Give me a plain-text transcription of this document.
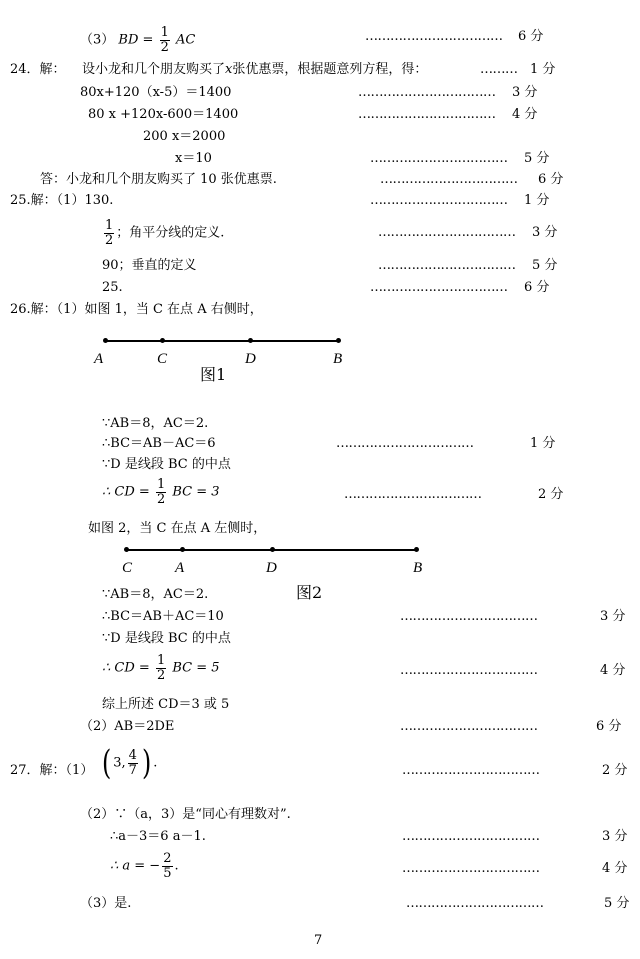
（3） BD = $\frac{1}{2}$ AC	…………………………… 6 分
24．解： 设小龙和几个朋友购买了x张优惠票，根据题意列方程，得：	……… 1 分
80x+120（x-5）＝1400	…………………………… 3 分
80 x +120x-600＝1400	…………………………… 4 分
200 x＝2000
x＝10	…………………………… 5 分
答：小龙和几个朋友购买了 10 张优惠票.	…………………………… 6 分
25.解：（1）130.	…………………………… 1 分
$\frac{1}{2}$ ；角平分线的定义.	…………………………… 3 分
90；垂直的定义	…………………………… 5 分
25.	…………………………… 6 分
26.解：（1）如图 1，当 C 在点 A 右侧时，
A	C	D	B
图1
∵AB＝8，AC＝2.
∴BC＝AB－AC＝6	……………………………	1 分
∵D 是线段 BC 的中点
∴ CD = $\frac{1}{2}$ BC = 3	……………………………	2 分
如图 2，当 C 在点 A 左侧时，
C	A	D	B
图2
∵AB＝8，AC＝2.
∴BC＝AB＋AC＝10	……………………………	3 分
∵D 是线段 BC 的中点
∴ CD = $\frac{1}{2}$ BC = 5	……………………………	4 分
综上所述 CD＝3 或 5
（2）AB＝2DE	……………………………	6 分
27．解：（1） ( 3, $\frac{4}{7}$ ) .	……………………………	2 分
（2）∵（a，3）是“同心有理数对”.
∴a－3＝6 a－1.	……………………………	3 分
∴ a = − $\frac{2}{5}$ .	……………………………	4 分
（3）是.	……………………………	5 分
7
